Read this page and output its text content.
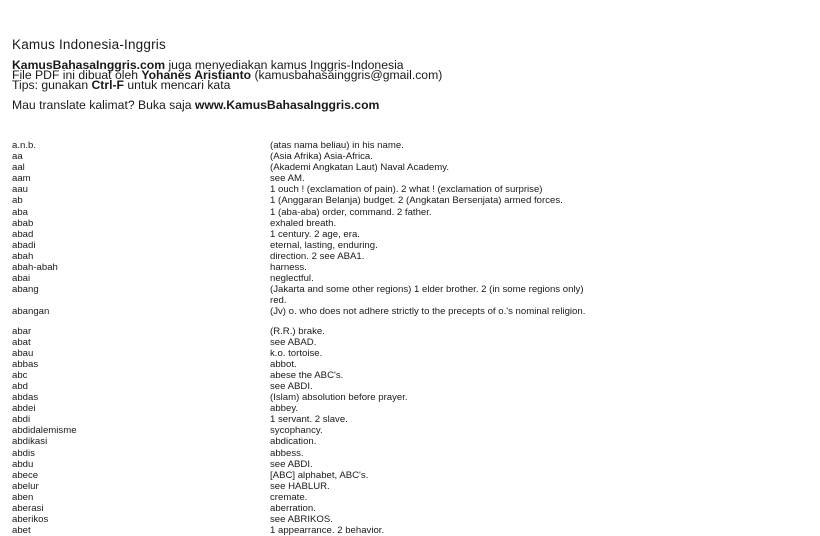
Kamus Indonesia-Inggris
KamusBahasaInggris.com juga menyediakan kamus Inggris-Indonesia
File PDF ini dibuat oleh Yohanes Aristianto (kamusbahasainggris@gmail.com)
Tips: gunakan Ctrl-F untuk mencari kata
Mau translate kalimat? Buka saja www.KamusBahasaInggris.com
a.n.b.	(atas nama beliau) in his name.
aa	(Asia Afrika) Asia-Africa.
aal	(Akademi Angkatan Laut) Naval Academy.
aam	see AM.
aau	1 ouch ! (exclamation of pain). 2 what ! (exclamation of surprise)
ab	1 (Anggaran Belanja) budget. 2 (Angkatan Bersenjata) armed forces.
aba	1 (aba-aba) order, command. 2 father.
abab	exhaled breath.
abad	1 century. 2 age, era.
abadi	eternal, lasting, enduring.
abah	direction. 2 see ABA1.
abah-abah	harness.
abai	neglectful.
abang	(Jakarta and some other regions) 1 elder brother. 2 (in some regions only)
red.
abangan	(Jv) o. who does not adhere strictly to the precepts of o.'s nominal religion.
abar	(R.R.) brake.
abat	see ABAD.
abau	k.o. tortoise.
abbas	abbot.
abc	abese the ABC's.
abd	see ABDI.
abdas	(Islam) absolution before prayer.
abdei	abbey.
abdi	1 servant. 2 slave.
abdidalemisme	sycophancy.
abdikasi	abdication.
abdis	abbess.
abdu	see ABDI.
abece	[ABC] alphabet, ABC's.
abelur	see HABLUR.
aben	cremate.
aberasi	aberration.
aberikos	see ABRIKOS.
abet	1 appearrance. 2 behavior.
